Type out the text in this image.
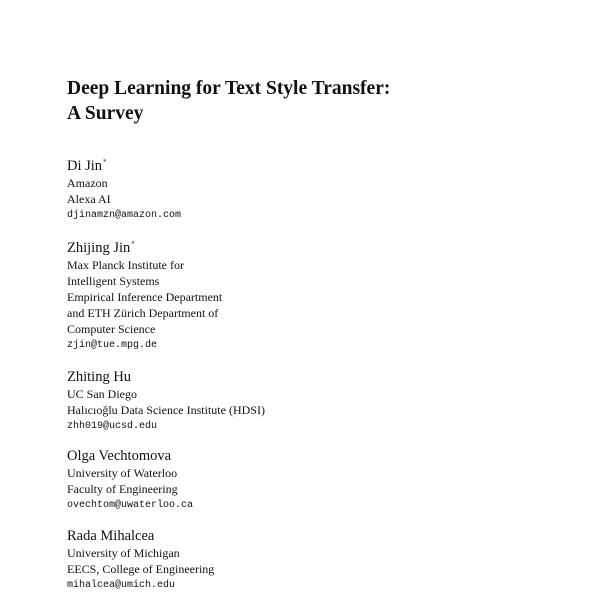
Deep Learning for Text Style Transfer:
A Survey
Di Jin*
Amazon
Alexa AI
djinamzn@amazon.com
Zhijing Jin*
Max Planck Institute for
Intelligent Systems
Empirical Inference Department
and ETH Zürich Department of
Computer Science
zjin@tue.mpg.de
Zhiting Hu
UC San Diego
Halıcıoğlu Data Science Institute (HDSI)
zhh019@ucsd.edu
Olga Vechtomova
University of Waterloo
Faculty of Engineering
ovechtom@uwaterloo.ca
Rada Mihalcea
University of Michigan
EECS, College of Engineering
mihalcea@umich.edu
